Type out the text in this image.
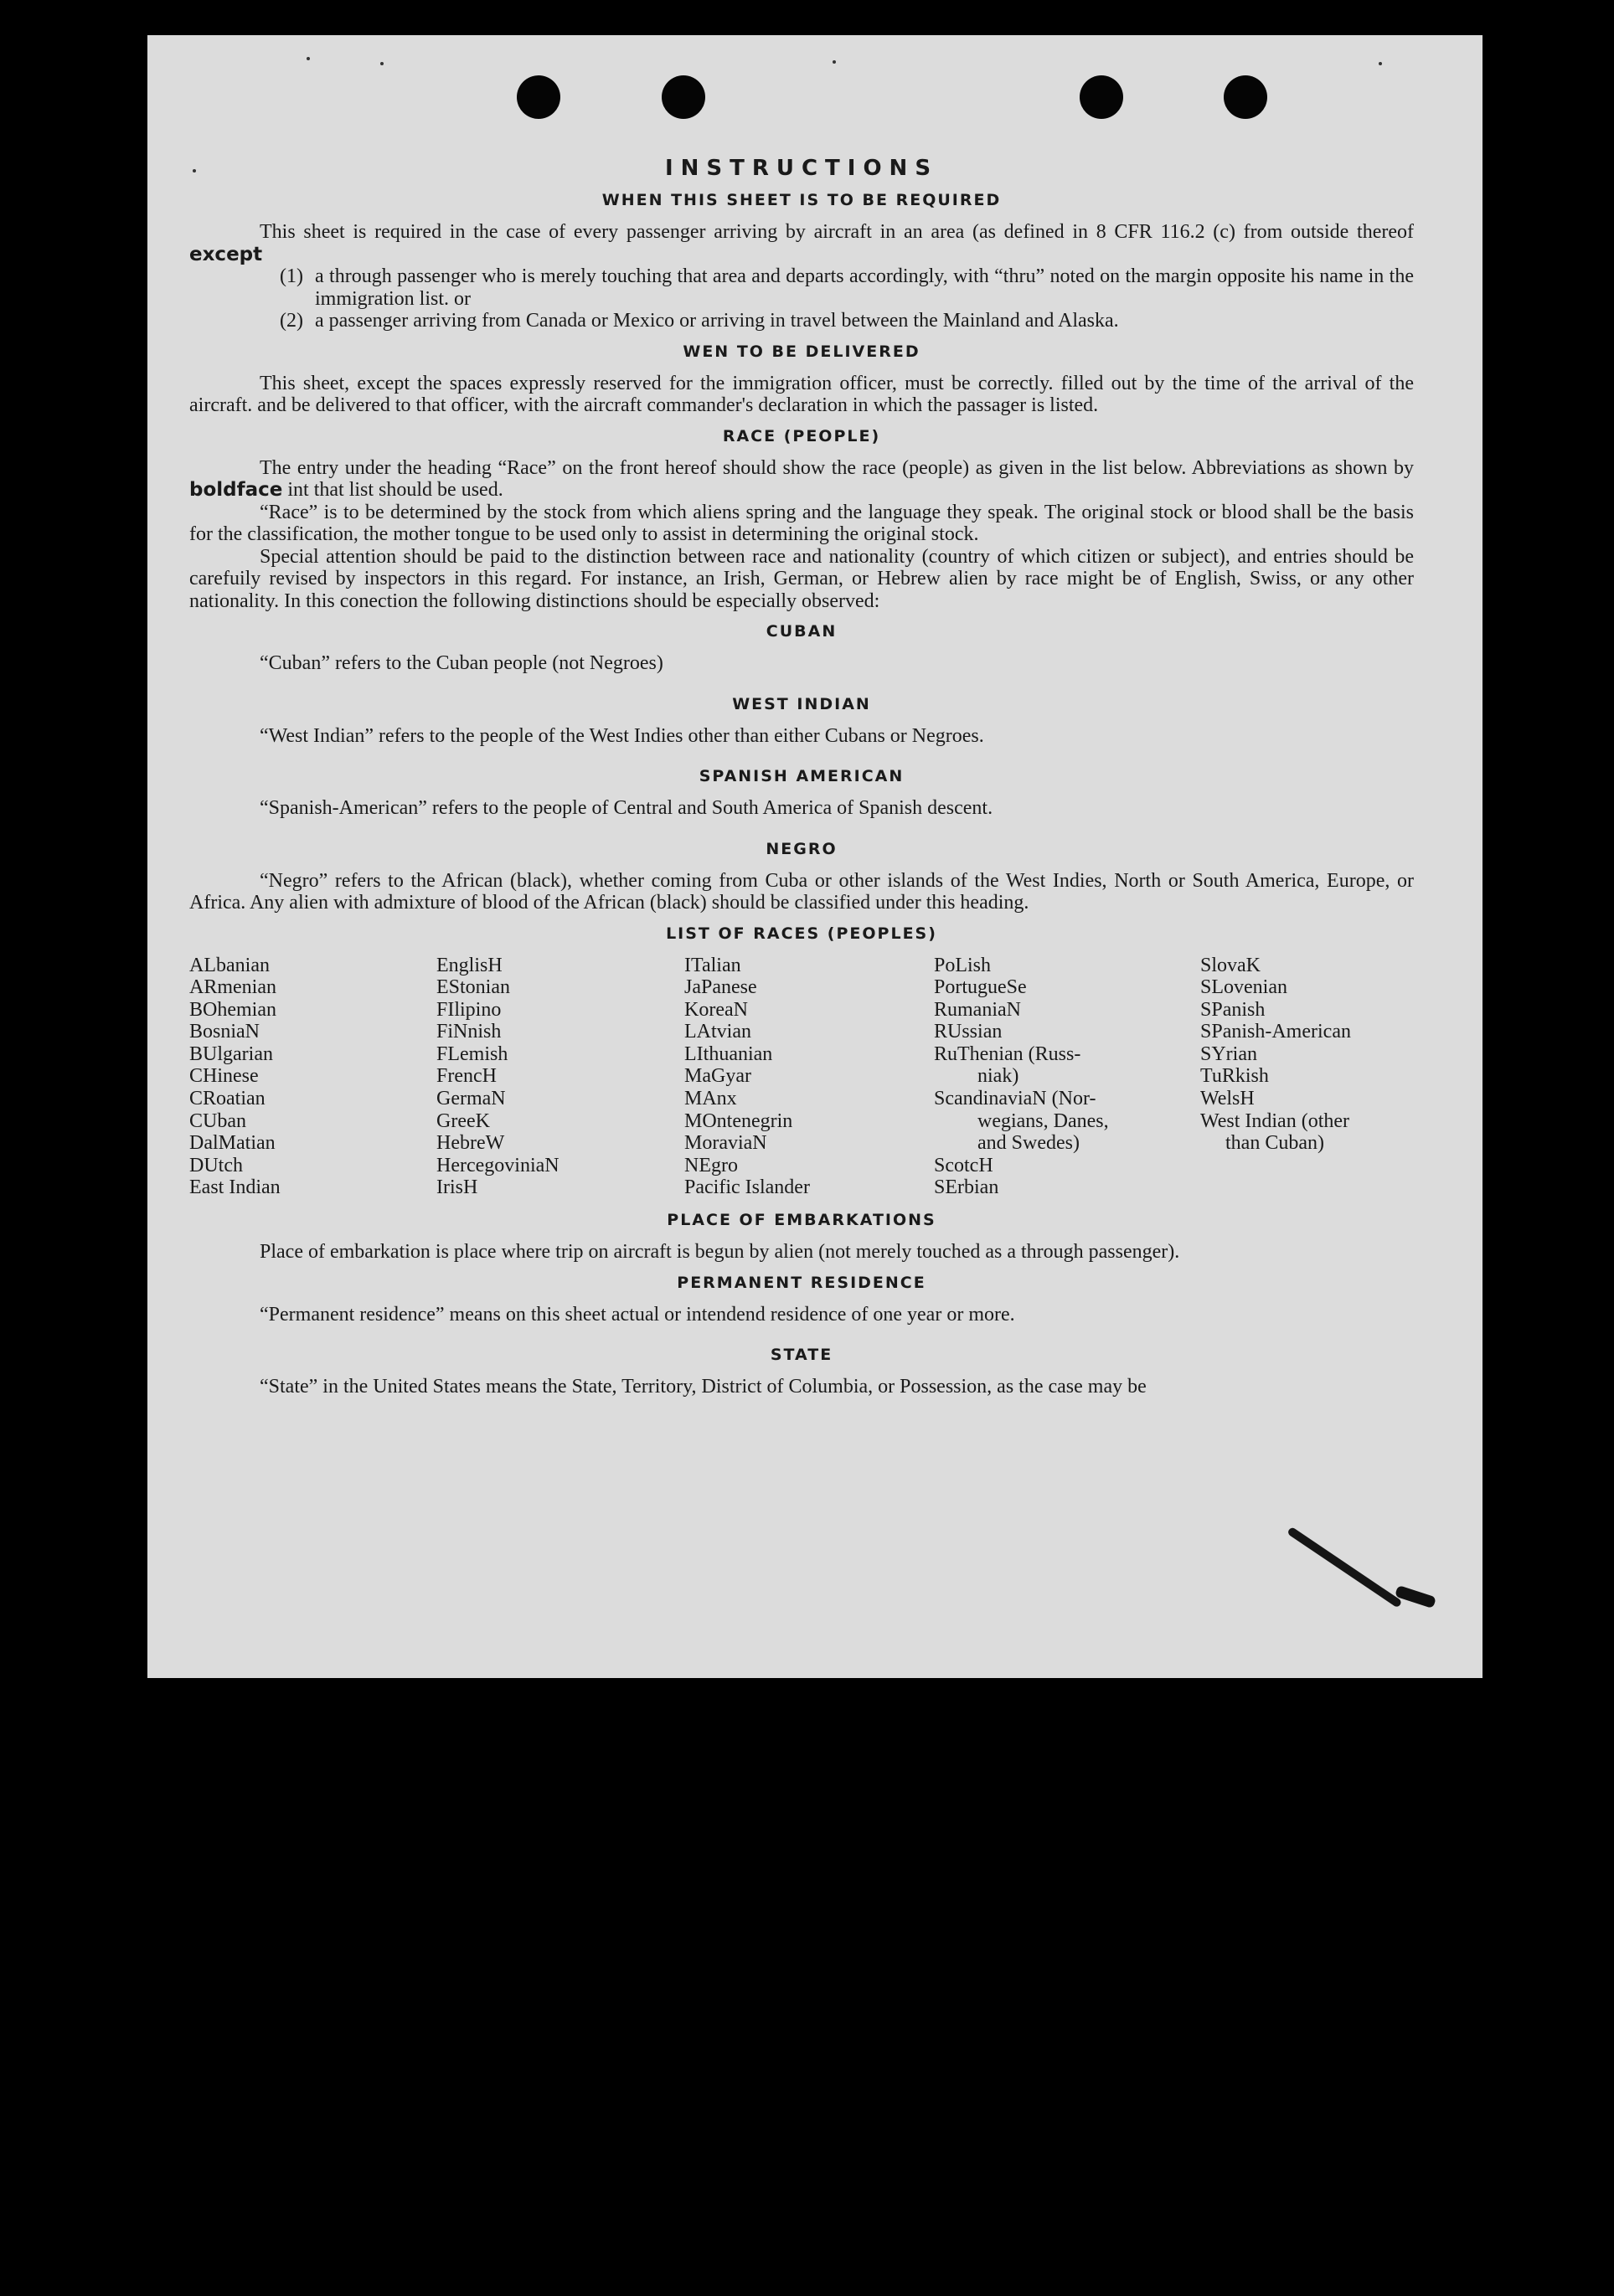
INSTRUCTIONS
WHEN THIS SHEET IS TO BE REQUIRED

This sheet is required in the case of every passenger arriving by aircraft in an area (as defined in 8 CFR 116.2 (c) from outside thereof except

(1) a through passenger who is merely touching that area and departs accordingly, with “thru” noted on the margin opposite his name in the immigration list. or
(2) a passenger arriving from Canada or Mexico or arriving in travel between the Mainland and Alaska.
WEN TO BE DELIVERED

This sheet, except the spaces expressly reserved for the immigration officer, must be correctly. filled out by the time of the arrival of the aircraft. and be delivered to that officer, with the aircraft commander's declaration in which the passager is listed.

RACE (PEOPLE)

The entry under the heading “Race” on the front hereof should show the race (people) as given in the list below. Abbreviations as shown by boldface int that list should be used.

“Race” is to be determined by the stock from which aliens spring and the language they speak. The original stock or blood shall be the basis for the classification, the mother tongue to be used only to assist in determining the original stock.

Special attention should be paid to the distinction between race and nationality (country of which citizen or subject), and entries should be carefuily revised by inspectors in this regard. For instance, an Irish, German, or Hebrew alien by race might be of English, Swiss, or any other nationality. In this conection the following distinctions should be especially observed:

CUBAN

“Cuban” refers to the Cuban people (not Negroes)

WEST INDIAN

“West Indian” refers to the people of the West Indies other than either Cubans or Negroes.

SPANISH AMERICAN

“Spanish-American” refers to the people of Central and South America of Spanish descent.

NEGRO

“Negro” refers to the African (black), whether coming from Cuba or other islands of the West Indies, North or South America, Europe, or Africa. Any alien with admixture of blood of the African (black) should be classified under this heading.

LIST OF RACES (PEOPLES)
ALbanian
ARmenian
BOhemian
BosniaN
BUlgarian
CHinese
CRoatian
CUban
DalMatian
DUtch
East Indian
EnglisH
EStonian
FIlipino
FiNnish
FLemish
FrencH
GermaN
GreeK
HebreW
HercegoviniaN
IrisH
ITalian
JaPanese
KoreaN
LAtvian
LIthuanian
MaGyar
MAnx
MOntenegrin
MoraviaN
NEgro
Pacific Islander
PoLish
PortugueSe
RumaniaN
RUssian
RuThenian (Russ-
niak)
ScandinaviaN (Nor-
wegians, Danes,
and Swedes)
ScotcH
SErbian
SlovaK
SLovenian
SPanish
SPanish-American
SYrian
TuRkish
WelsH
West Indian (other
than Cuban)
PLACE OF EMBARKATIONS

Place of embarkation is place where trip on aircraft is begun by alien (not merely touched as a through passenger).

PERMANENT RESIDENCE

“Permanent residence” means on this sheet actual or intendend residence of one year or more.

STATE

“State” in the United States means the State, Territory, District of Columbia, or Possession, as the case may be
